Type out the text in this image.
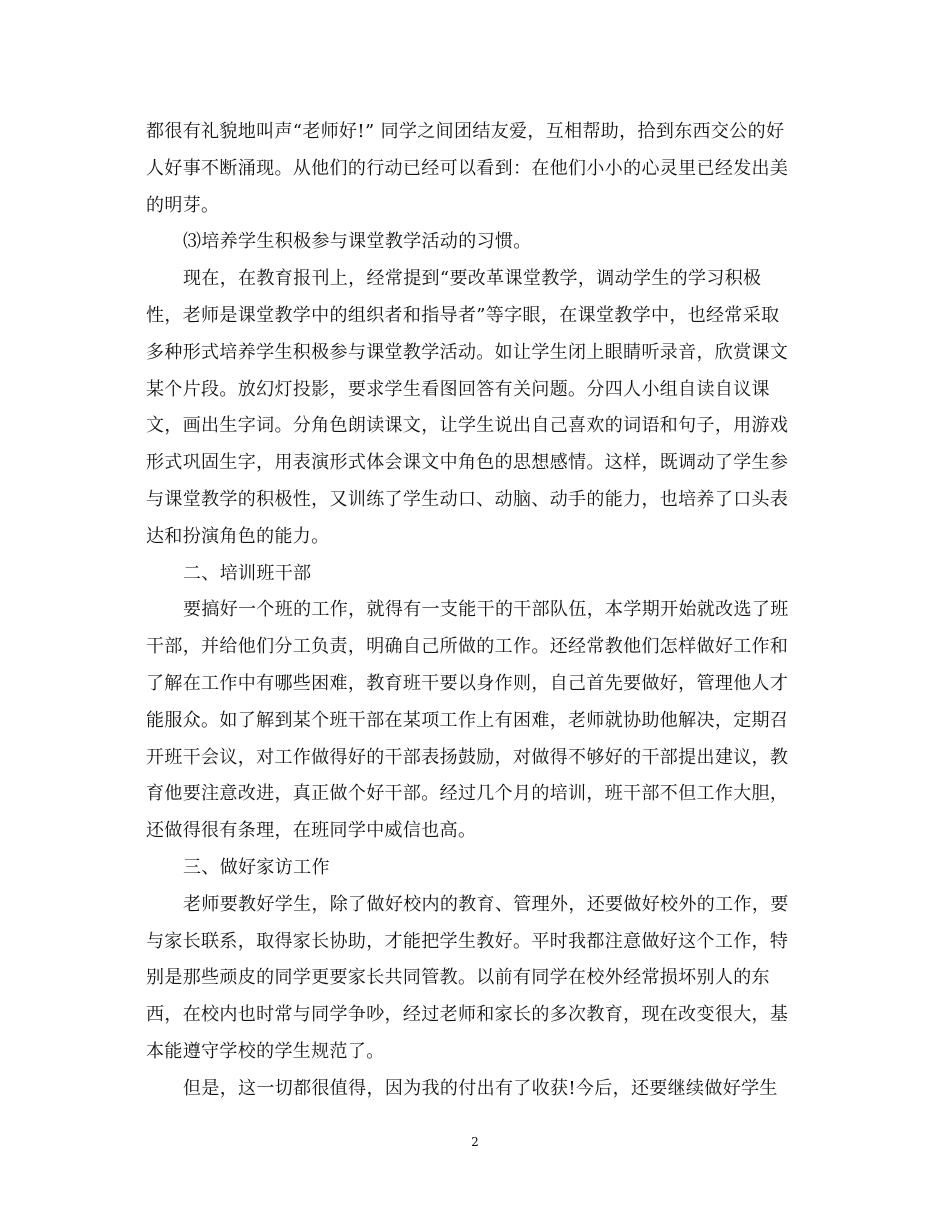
都很有礼貌地叫声“老师好!” 同学之间团结友爱，互相帮助，拾到东西交公的好
人好事不断涌现。从他们的行动已经可以看到：在他们小小的心灵里已经发出美
的明芽。
⑶培养学生积极参与课堂教学活动的习惯。
现在，在教育报刊上，经常提到“要改革课堂教学，调动学生的学习积极
性，老师是课堂教学中的组织者和指导者”等字眼，在课堂教学中，也经常采取
多种形式培养学生积极参与课堂教学活动。如让学生闭上眼睛听录音，欣赏课文
某个片段。放幻灯投影，要求学生看图回答有关问题。分四人小组自读自议课
文，画出生字词。分角色朗读课文，让学生说出自己喜欢的词语和句子，用游戏
形式巩固生字，用表演形式体会课文中角色的思想感情。这样，既调动了学生参
与课堂教学的积极性，又训练了学生动口、动脑、动手的能力，也培养了口头表
达和扮演角色的能力。
二、培训班干部
要搞好一个班的工作，就得有一支能干的干部队伍，本学期开始就改选了班
干部，并给他们分工负责，明确自己所做的工作。还经常教他们怎样做好工作和
了解在工作中有哪些困难，教育班干要以身作则，自己首先要做好，管理他人才
能服众。如了解到某个班干部在某项工作上有困难，老师就协助他解决，定期召
开班干会议，对工作做得好的干部表扬鼓励，对做得不够好的干部提出建议，教
育他要注意改进，真正做个好干部。经过几个月的培训，班干部不但工作大胆，
还做得很有条理，在班同学中威信也高。
三、做好家访工作
老师要教好学生，除了做好校内的教育、管理外，还要做好校外的工作，要
与家长联系，取得家长协助，才能把学生教好。平时我都注意做好这个工作，特
别是那些顽皮的同学更要家长共同管教。以前有同学在校外经常损坏别人的东
西，在校内也时常与同学争吵，经过老师和家长的多次教育，现在改变很大，基
本能遵守学校的学生规范了。
但是，这一切都很值得，因为我的付出有了收获!今后，还要继续做好学生
2
